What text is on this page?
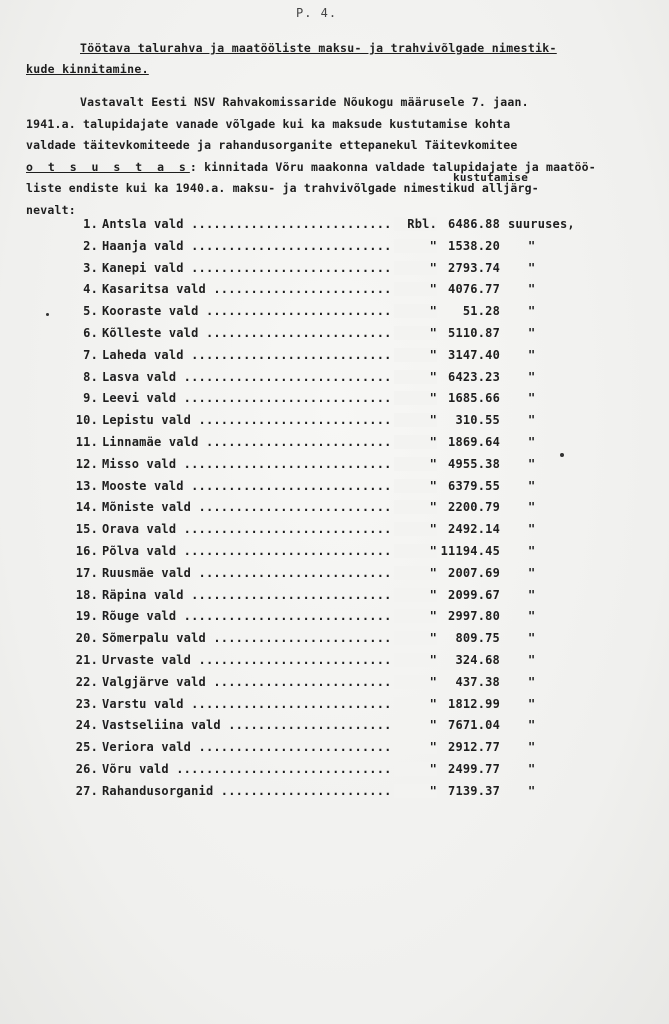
P. 4.
Töötava talurahva ja maatööliste maksu- ja trahvivõlgade nimestik-
kude kinnitamine.
kustutamise
Vastavalt Eesti NSV Rahvakomissaride Nõukogu määrusele 7. jaan.
1941.a. talupidajate vanade võlgade kui ka maksude kustutamise kohta
valdade täitevkomiteede ja rahandusorganite ettepanekul Täitevkomitee
o t s u s t a s: kinnitada Võru maakonna valdade talupidajate ja maatöö-
liste endiste kui ka 1940.a. maksu- ja trahvivõlgade nimestikud alljärg-
nevalt:
1. Antsla vald .....	Rbl. 6486.88 suuruses,
2. Haanja vald .....	" 1538.20 "
3. Kanepi vald .....	" 2793.74 "
4. Kasaritsa vald .....	" 4076.77 "
5. Kooraste vald .....	"	51.28 "
6. Kõlleste vald .....	" 5110.87 "
7. Laheda vald .....	" 3147.40 "
8. Lasva vald .....	" 6423.23 "
9. Leevi vald .....	" 1685.66 "
10. Lepistu vald .....	"	310.55 "
11. Linnamäe vald .....	" 1869.64 "
12. Misso vald .....	" 4955.38 "
13. Mooste vald .....	" 6379.55 "
14. Mõniste vald .....	" 2200.79 "
15. Orava vald .....	" 2492.14 "
16. Põlva vald .....	" 11194.45 "
17. Ruusmäe vald .....	" 2007.69 "
18. Räpina vald .....	" 2099.67 "
19. Rõuge vald .....	" 2997.80 "
20. Sõmerpalu vald .....	"	809.75 "
21. Urvaste vald .....	"	324.68 "
22. Valgjärve vald .....	"	437.38 "
23. Varstu vald .....	" 1812.99 "
24. Vastseliina vald .....	" 7671.04 "
25. Veriora vald .....	" 2912.77 "
26. Võru vald .....	" 2499.77 "
27. Rahandusorganid .....	" 7139.37 "
